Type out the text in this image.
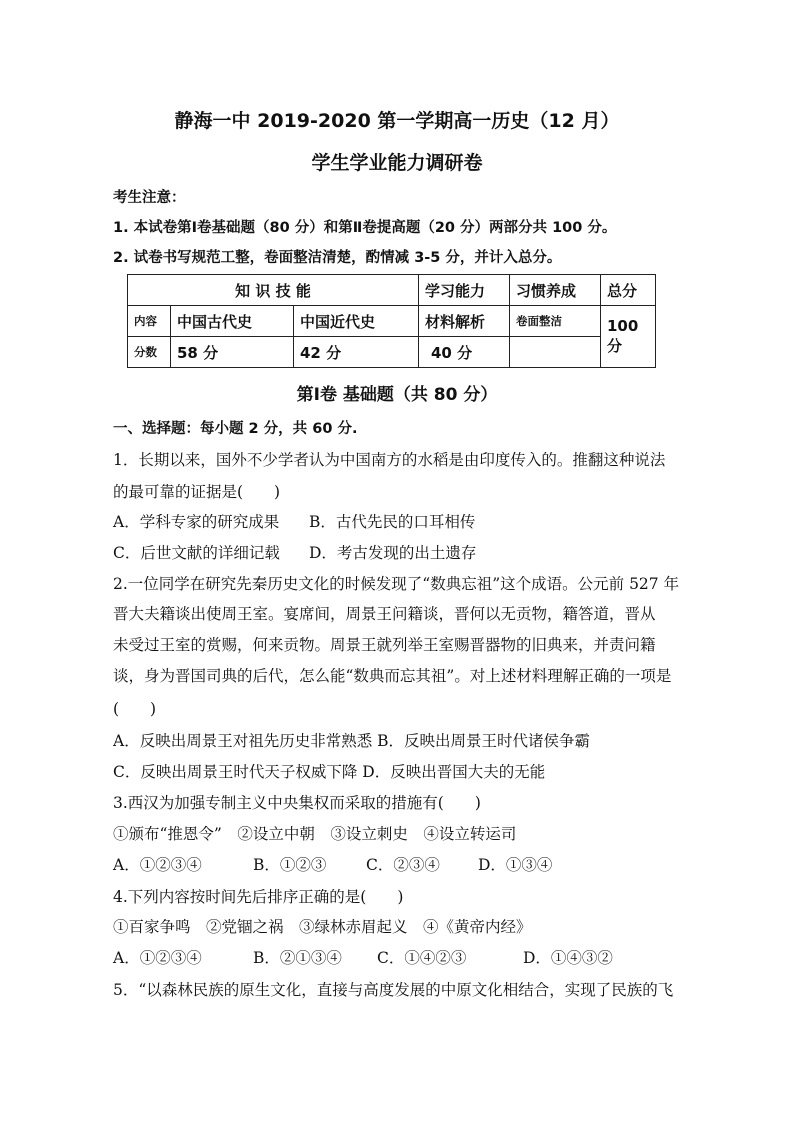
静海一中 2019-2020 第一学期高一历史（12 月）
学生学业能力调研卷
考生注意：
1. 本试卷第Ⅰ卷基础题（80 分）和第Ⅱ卷提高题（20 分）两部分共 100 分。
2. 试卷书写规范工整，卷面整洁清楚，酌情减 3-5 分，并计入总分。
知 识 技 能			学习能力	习惯养成	总分
内容	中国古代史	中国近代史	材料解析	卷面整洁	100 分
分数	58 分	42 分	40 分		
第Ⅰ卷 基础题（共 80 分）
一、选择题：每小题 2 分，共 60 分.
1．长期以来，国外不少学者认为中国南方的水稻是由印度传入的。推翻这种说法
的最可靠的证据是(　　)
A．学科专家的研究成果 B．古代先民的口耳相传
C．后世文献的详细记载 D．考古发现的出土遗存
2.一位同学在研究先秦历史文化的时候发现了“数典忘祖”这个成语。公元前 527 年
晋大夫籍谈出使周王室。宴席间，周景王问籍谈，晋何以无贡物，籍答道，晋从
未受过王室的赏赐，何来贡物。周景王就列举王室赐晋器物的旧典来，并责问籍
谈，身为晋国司典的后代，怎么能“数典而忘其祖”。对上述材料理解正确的一项是
(　　)
A．反映出周景王对祖先历史非常熟悉 B．反映出周景王时代诸侯争霸
C．反映出周景王时代天子权威下降 D．反映出晋国大夫的无能
3.西汉为加强专制主义中央集权而采取的措施有(　　)
①颁布“推恩令”　②设立中朝　③设立刺史　④设立转运司
A．①②③④	B．①②③	C．②③④ D．①③④
4.下列内容按时间先后排序正确的是(　　)
①百家争鸣　②党锢之祸　③绿林赤眉起义　④《黄帝内经》
A．①②③④	B．②①③④ C．①④②③	D．①④③②
5．“以森林民族的原生文化，直接与高度发展的中原文化相结合，实现了民族的飞
